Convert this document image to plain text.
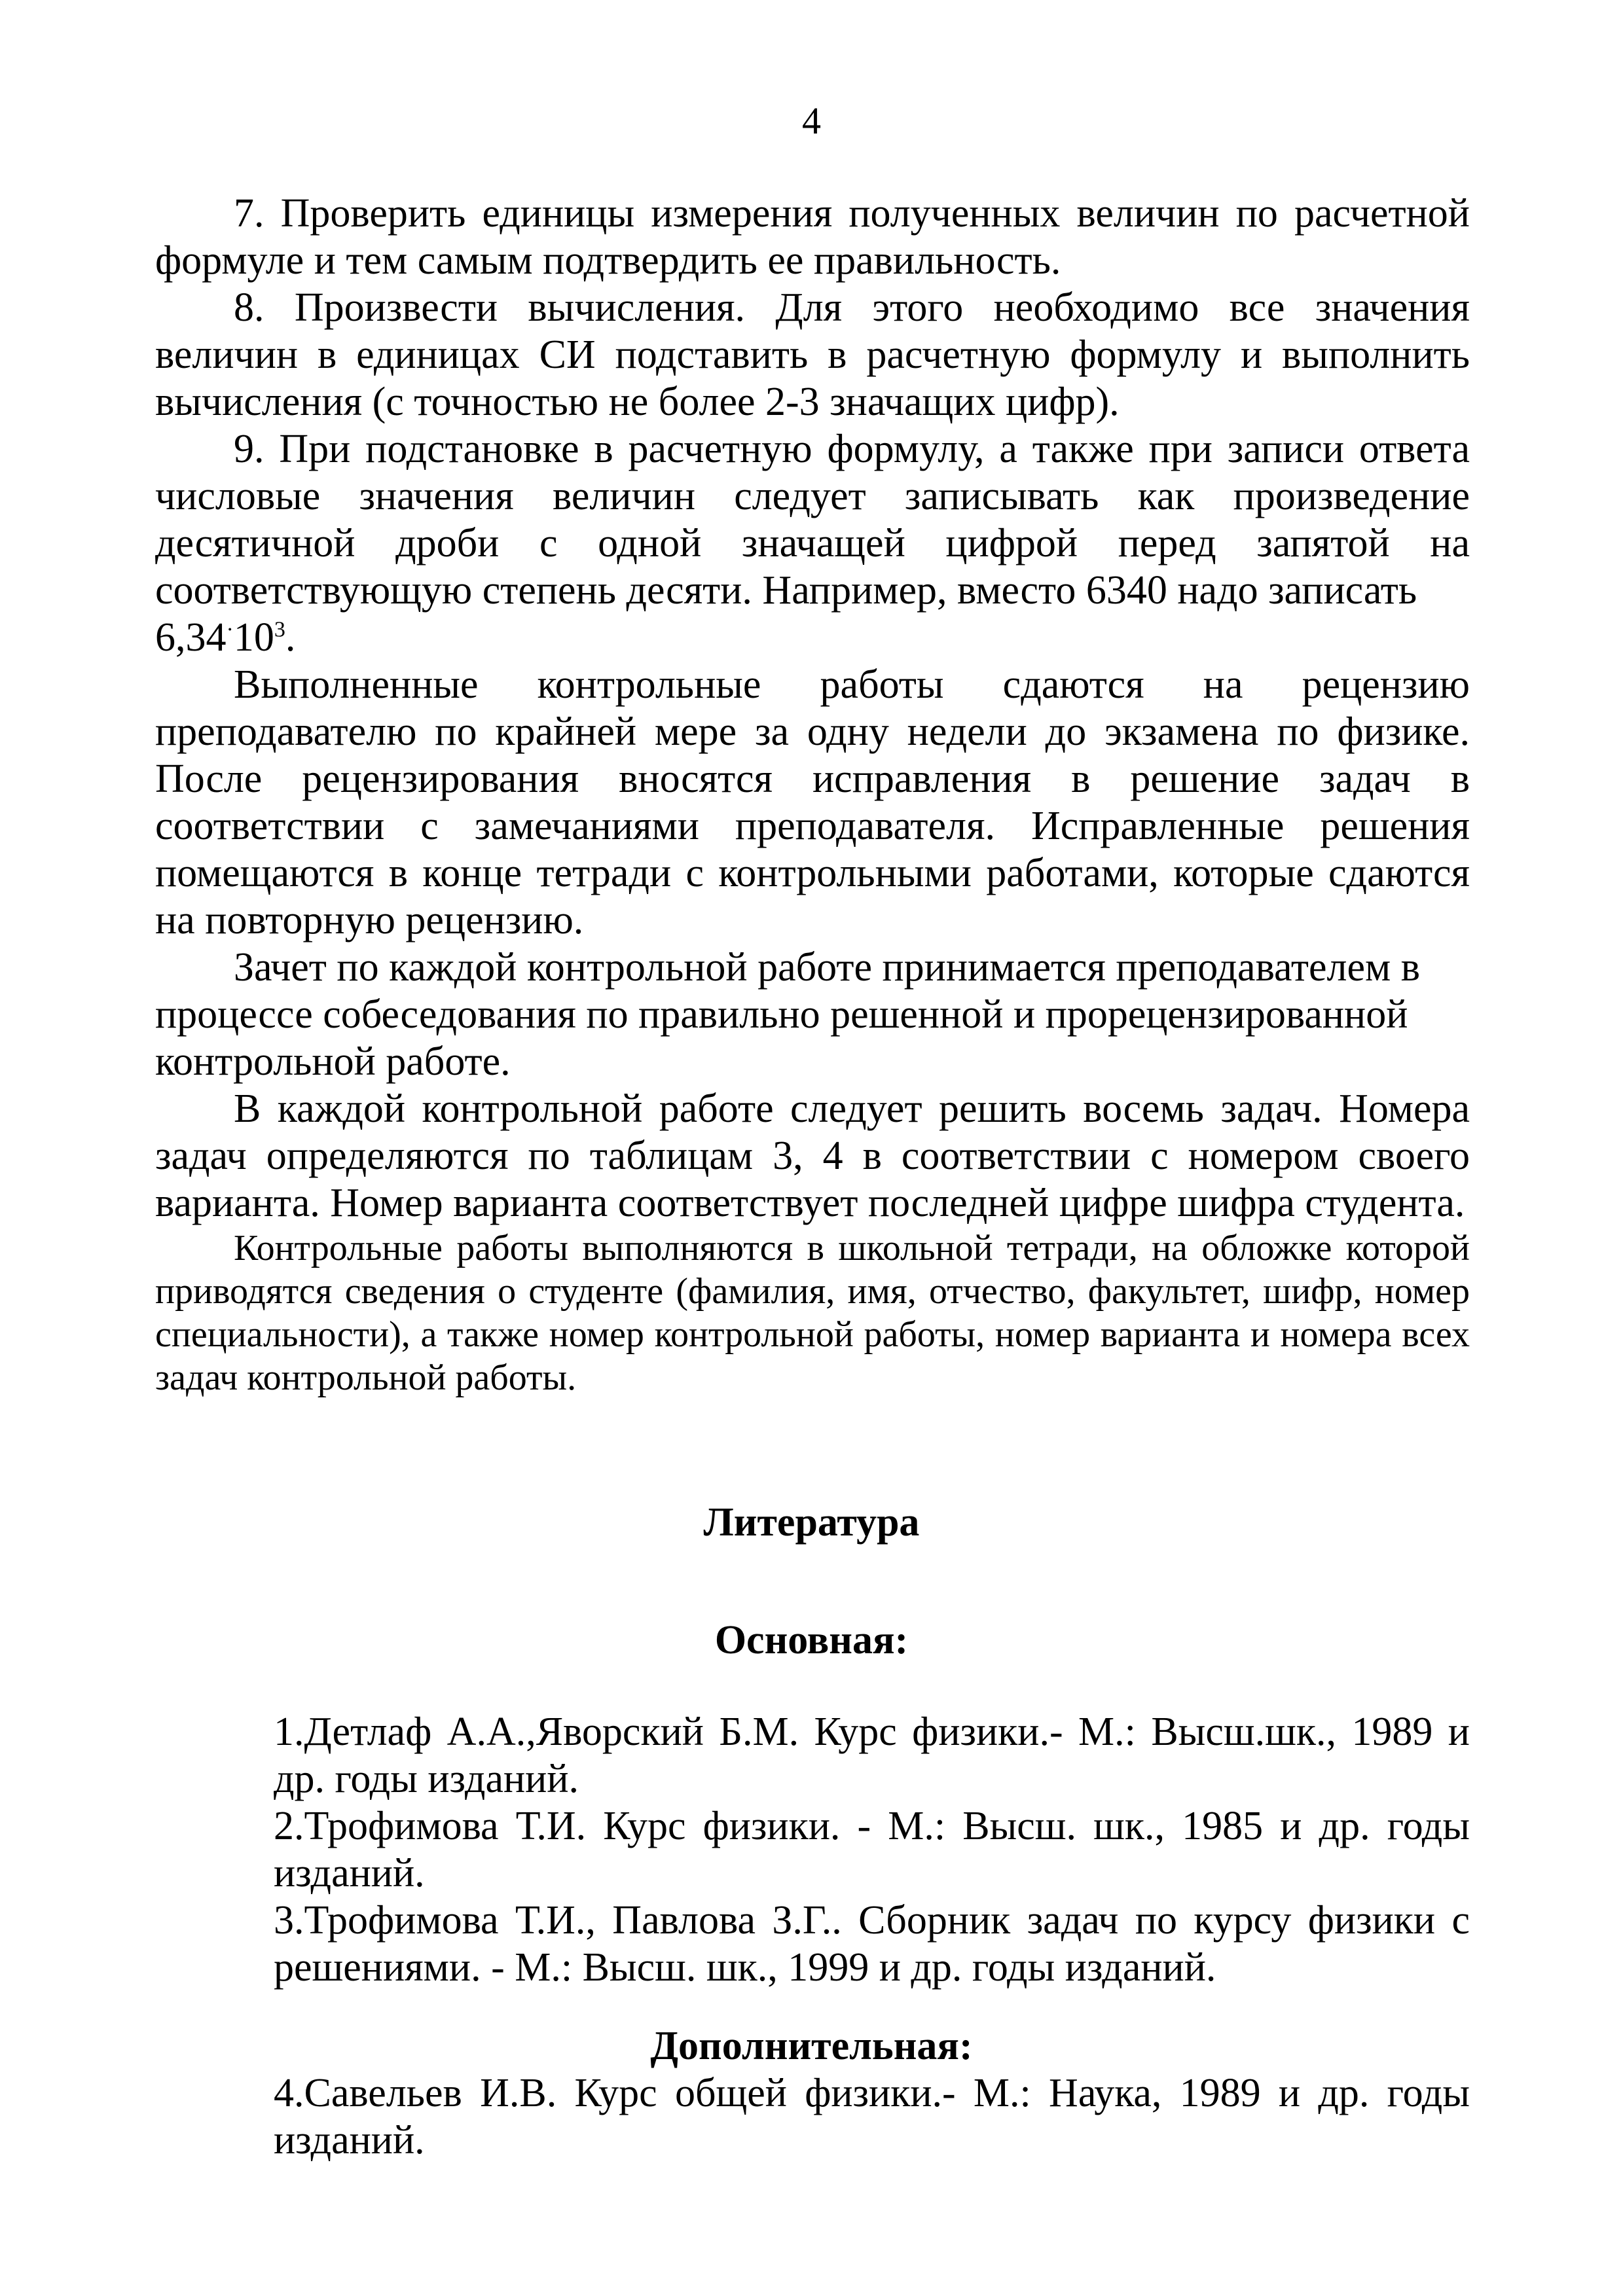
4

7. Проверить единицы измерения полученных величин по расчетной формуле и тем самым подтвердить ее правильность.

8. Произвести вычисления. Для этого необходимо все значения величин в единицах СИ подставить в расчетную формулу и выполнить вычисления (с точностью не более 2-3 значащих цифр).

9. При подстановке в расчетную формулу, а также при записи ответа числовые значения величин следует записывать как произведение десятичной дроби с одной значащей цифрой перед запятой на соответствующую степень десяти. Например, вместо 6340 надо записать

$6,34^\cdot 10^3$.

Выполненные контрольные работы сдаются на рецензию преподавателю по крайней мере за одну недели до экзамена по физике. После рецензирования вносятся исправления в решение задач в соответствии с замечаниями преподавателя. Исправленные решения помещаются в конце тетради с контрольными работами, которые сдаются на повторную рецензию.

Зачет по каждой контрольной работе принимается преподавателем в процессе собеседования по правильно решенной и прорецензированной контрольной работе.

В каждой контрольной работе следует решить восемь задач. Номера задач определяются по таблицам 3, 4 в соответствии с номером своего варианта. Номер варианта соответствует последней цифре шифра студента.

Контрольные работы выполняются в школьной тетради, на обложке которой приводятся сведения о студенте (фамилия, имя, отчество, факультет, шифр, номер специальности), а также номер контрольной работы, номер варианта и номера всех задач контрольной работы.

Литература
Основная:

1.Детлаф А.А.,Яворский Б.М. Курс физики.- М.: Высш.шк., 1989 и др. годы изданий.

2.Трофимова Т.И. Курс физики. - М.: Высш. шк., 1985 и др. годы изданий.

3.Трофимова Т.И., Павлова З.Г.. Сборник задач по курсу физики с решениями. - М.: Высш. шк., 1999 и др. годы изданий.

Дополнительная:

4.Савельев И.В. Курс общей физики.- М.: Наука, 1989 и др. годы изданий.
